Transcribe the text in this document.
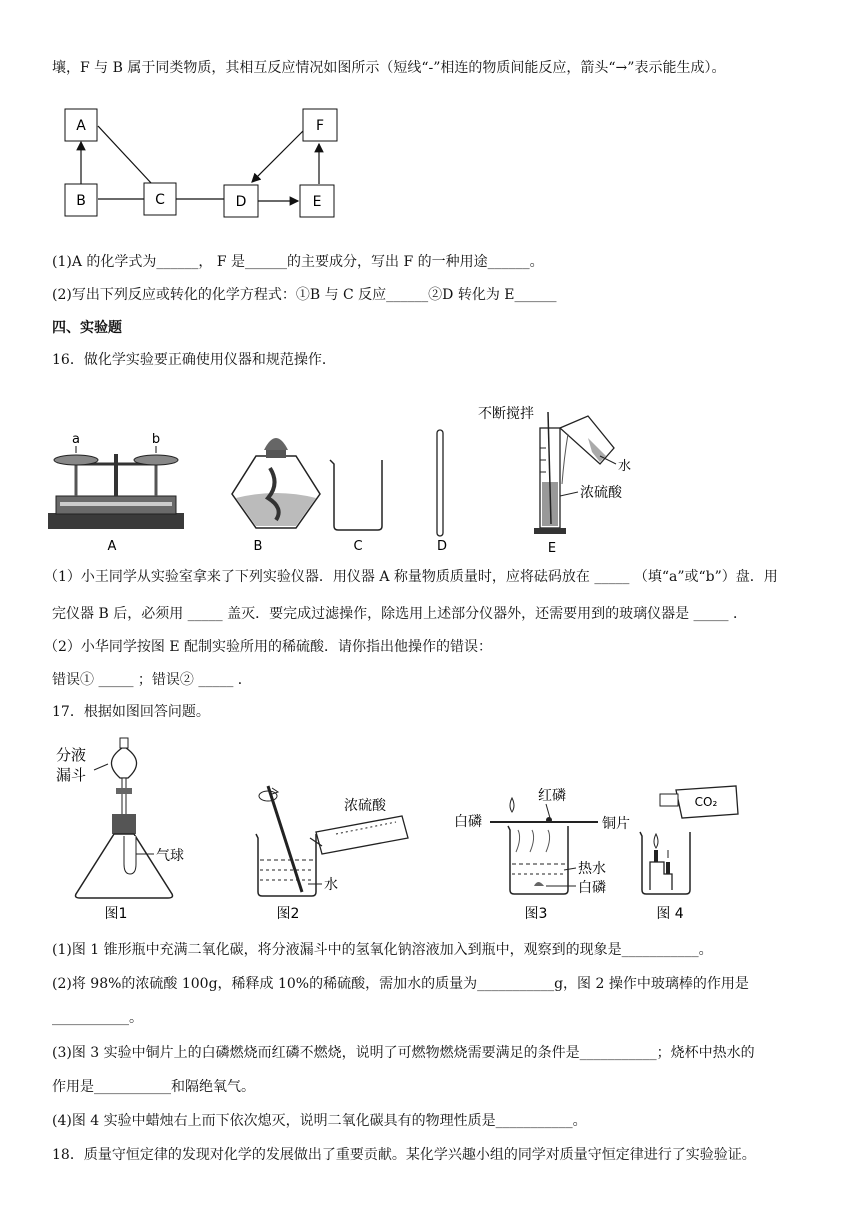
壤，F 与 B 属于同类物质，其相互反应情况如图所示（短线“-”相连的物质间能反应，箭头“→”表示能生成）。
A
B	C	D	E
F
(1)A 的化学式为______， F 是______的主要成分，写出 F 的一种用途______。
(2)写出下列反应或转化的化学方程式：①B 与 C 反应______②D 转化为 E______
四、实验题
16．做化学实验要正确使用仪器和规范操作．
a	b
A	B	C	D
不断搅拌
水
浓硫酸
E
（1）小王同学从实验室拿来了下列实验仪器．用仪器 A 称量物质质量时，应将砝码放在 _____ （填“a”或“b”）盘．用
完仪器 B 后，必须用 _____ 盖灭．要完成过滤操作，除选用上述部分仪器外，还需要用到的玻璃仪器是 _____ ．
（2）小华同学按图 E 配制实验所用的稀硫酸．请你指出他操作的错误：
错误① _____ ；错误② _____ ．
17．根据如图回答问题。
分液
漏斗
气球
图1
浓硫酸
水
图2
红磷
白磷	铜片
热水
白磷
图3
CO₂
图 4
(1)图 1 锥形瓶中充满二氧化碳，将分液漏斗中的氢氧化钠溶液加入到瓶中，观察到的现象是___________。
(2)将 98%的浓硫酸 100g，稀释成 10%的稀硫酸，需加水的质量为___________g，图 2 操作中玻璃棒的作用是
___________。
(3)图 3 实验中铜片上的白磷燃烧而红磷不燃烧，说明了可燃物燃烧需要满足的条件是___________；烧杯中热水的
作用是___________和隔绝氧气。
(4)图 4 实验中蜡烛右上而下依次熄灭，说明二氧化碳具有的物理性质是___________。
18．质量守恒定律的发现对化学的发展做出了重要贡献。某化学兴趣小组的同学对质量守恒定律进行了实验验证。
